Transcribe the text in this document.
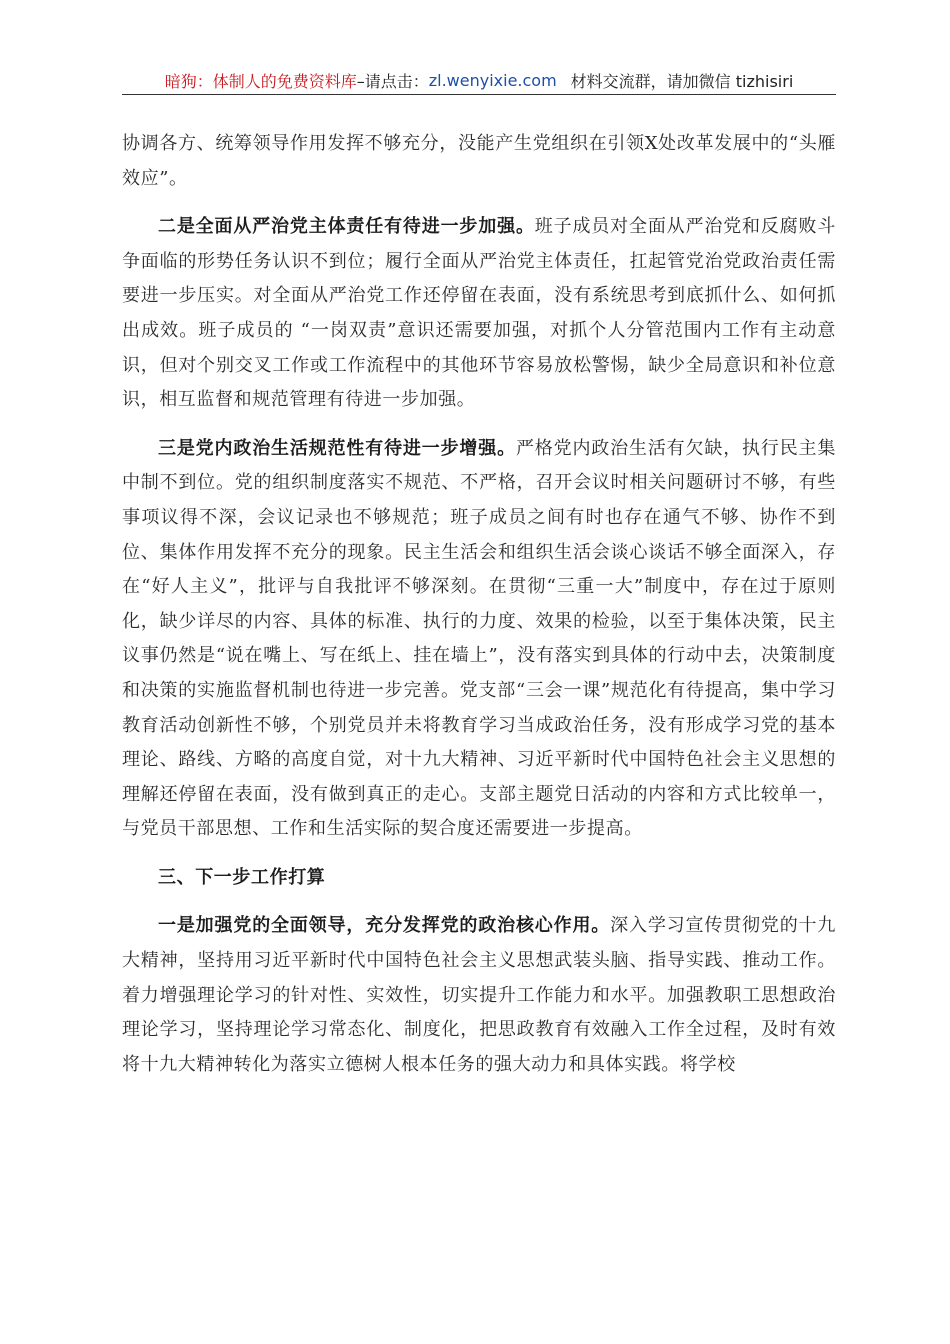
暗狗：体制人的免费资料库 –请点击： zl.wenyixie.com 材料交流群，请加微信 tizhisiri

协调各方、统筹领导作用发挥不够充分，没能产生党组织在引领X处改革发展中的“头雁效应”。

二是全面从严治党主体责任有待进一步加强。班子成员对全面从严治党和反腐败斗争面临的形势任务认识不到位；履行全面从严治党主体责任，扛起管党治党政治责任需要进一步压实。对全面从严治党工作还停留在表面，没有系统思考到底抓什么、如何抓出成效。班子成员的 “一岗双责”意识还需要加强，对抓个人分管范围内工作有主动意识，但对个别交叉工作或工作流程中的其他环节容易放松警惕，缺少全局意识和补位意识，相互监督和规范管理有待进一步加强。

三是党内政治生活规范性有待进一步增强。严格党内政治生活有欠缺，执行民主集中制不到位。党的组织制度落实不规范、不严格，召开会议时相关问题研讨不够，有些事项议得不深，会议记录也不够规范；班子成员之间有时也存在通气不够、协作不到位、集体作用发挥不充分的现象。民主生活会和组织生活会谈心谈话不够全面深入，存在“好人主义”，批评与自我批评不够深刻。在贯彻“三重一大”制度中，存在过于原则化，缺少详尽的内容、具体的标准、执行的力度、效果的检验，以至于集体决策，民主议事仍然是“说在嘴上、写在纸上、挂在墙上”，没有落实到具体的行动中去，决策制度和决策的实施监督机制也待进一步完善。党支部“三会一课”规范化有待提高，集中学习教育活动创新性不够，个别党员并未将教育学习当成政治任务，没有形成学习党的基本理论、路线、方略的高度自觉，对十九大精神、习近平新时代中国特色社会主义思想的理解还停留在表面，没有做到真正的走心。支部主题党日活动的内容和方式比较单一，与党员干部思想、工作和生活实际的契合度还需要进一步提高。

三、下一步工作打算

一是加强党的全面领导，充分发挥党的政治核心作用。深入学习宣传贯彻党的十九大精神，坚持用习近平新时代中国特色社会主义思想武装头脑、指导实践、推动工作。着力增强理论学习的针对性、实效性，切实提升工作能力和水平。加强教职工思想政治理论学习，坚持理论学习常态化、制度化，把思政教育有效融入工作全过程，及时有效将十九大精神转化为落实立德树人根本任务的强大动力和具体实践。将学校
